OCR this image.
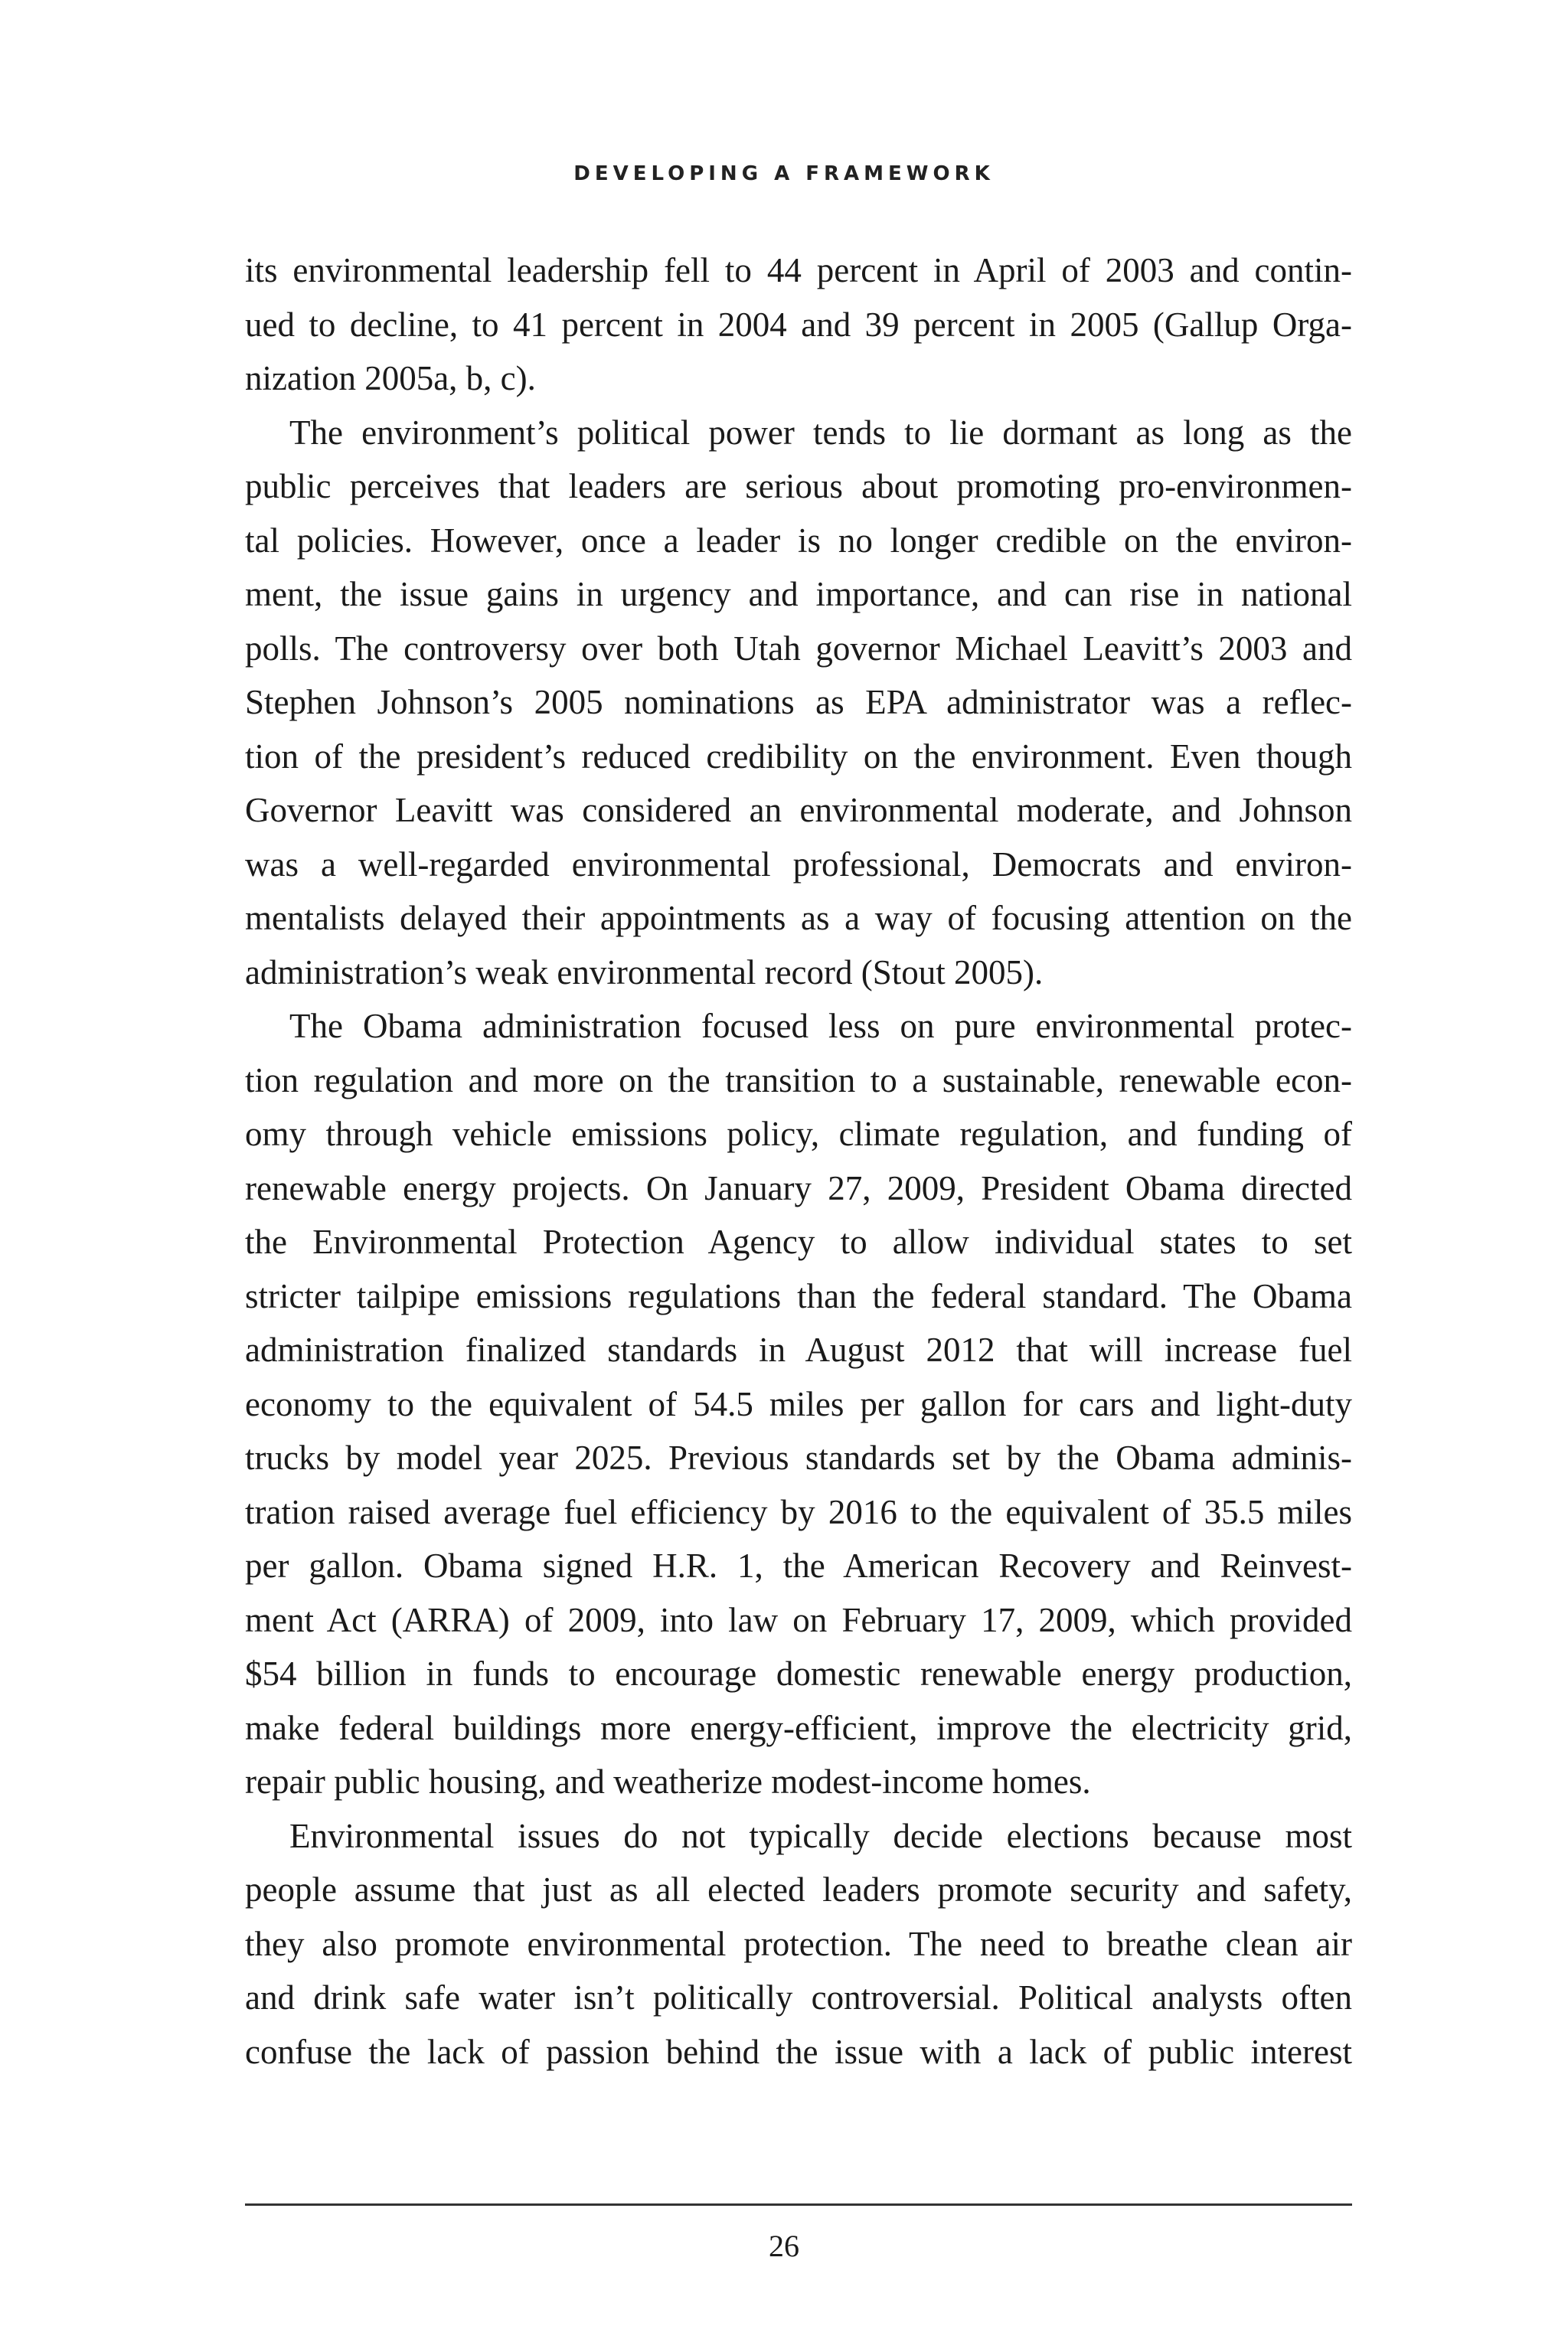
DEVELOPING A FRAMEWORK
its environmental leadership fell to 44 percent in April of 2003 and contin-
ued to decline, to 41 percent in 2004 and 39 percent in 2005 (Gallup Orga-
nization 2005a, b, c).
The environment’s political power tends to lie dormant as long as the
public perceives that leaders are serious about promoting pro-environmen-
tal policies. However, once a leader is no longer credible on the environ-
ment, the issue gains in urgency and importance, and can rise in national
polls. The controversy over both Utah governor Michael Leavitt’s 2003 and
Stephen Johnson’s 2005 nominations as EPA administrator was a reflec-
tion of the president’s reduced credibility on the environment. Even though
Governor Leavitt was considered an environmental moderate, and Johnson
was a well-regarded environmental professional, Democrats and environ-
mentalists delayed their appointments as a way of focusing attention on the
administration’s weak environmental record (Stout 2005).
The Obama administration focused less on pure environmental protec-
tion regulation and more on the transition to a sustainable, renewable econ-
omy through vehicle emissions policy, climate regulation, and funding of
renewable energy projects. On January 27, 2009, President Obama directed
the Environmental Protection Agency to allow individual states to set
stricter tailpipe emissions regulations than the federal standard. The Obama
administration finalized standards in August 2012 that will increase fuel
economy to the equivalent of 54.5 miles per gallon for cars and light-duty
trucks by model year 2025. Previous standards set by the Obama adminis-
tration raised average fuel efficiency by 2016 to the equivalent of 35.5 miles
per gallon. Obama signed H.R. 1, the American Recovery and Reinvest-
ment Act (ARRA) of 2009, into law on February 17, 2009, which provided
$54 billion in funds to encourage domestic renewable energy production,
make federal buildings more energy-efficient, improve the electricity grid,
repair public housing, and weatherize modest-income homes.
Environmental issues do not typically decide elections because most
people assume that just as all elected leaders promote security and safety,
they also promote environmental protection. The need to breathe clean air
and drink safe water isn’t politically controversial. Political analysts often
confuse the lack of passion behind the issue with a lack of public interest
26
